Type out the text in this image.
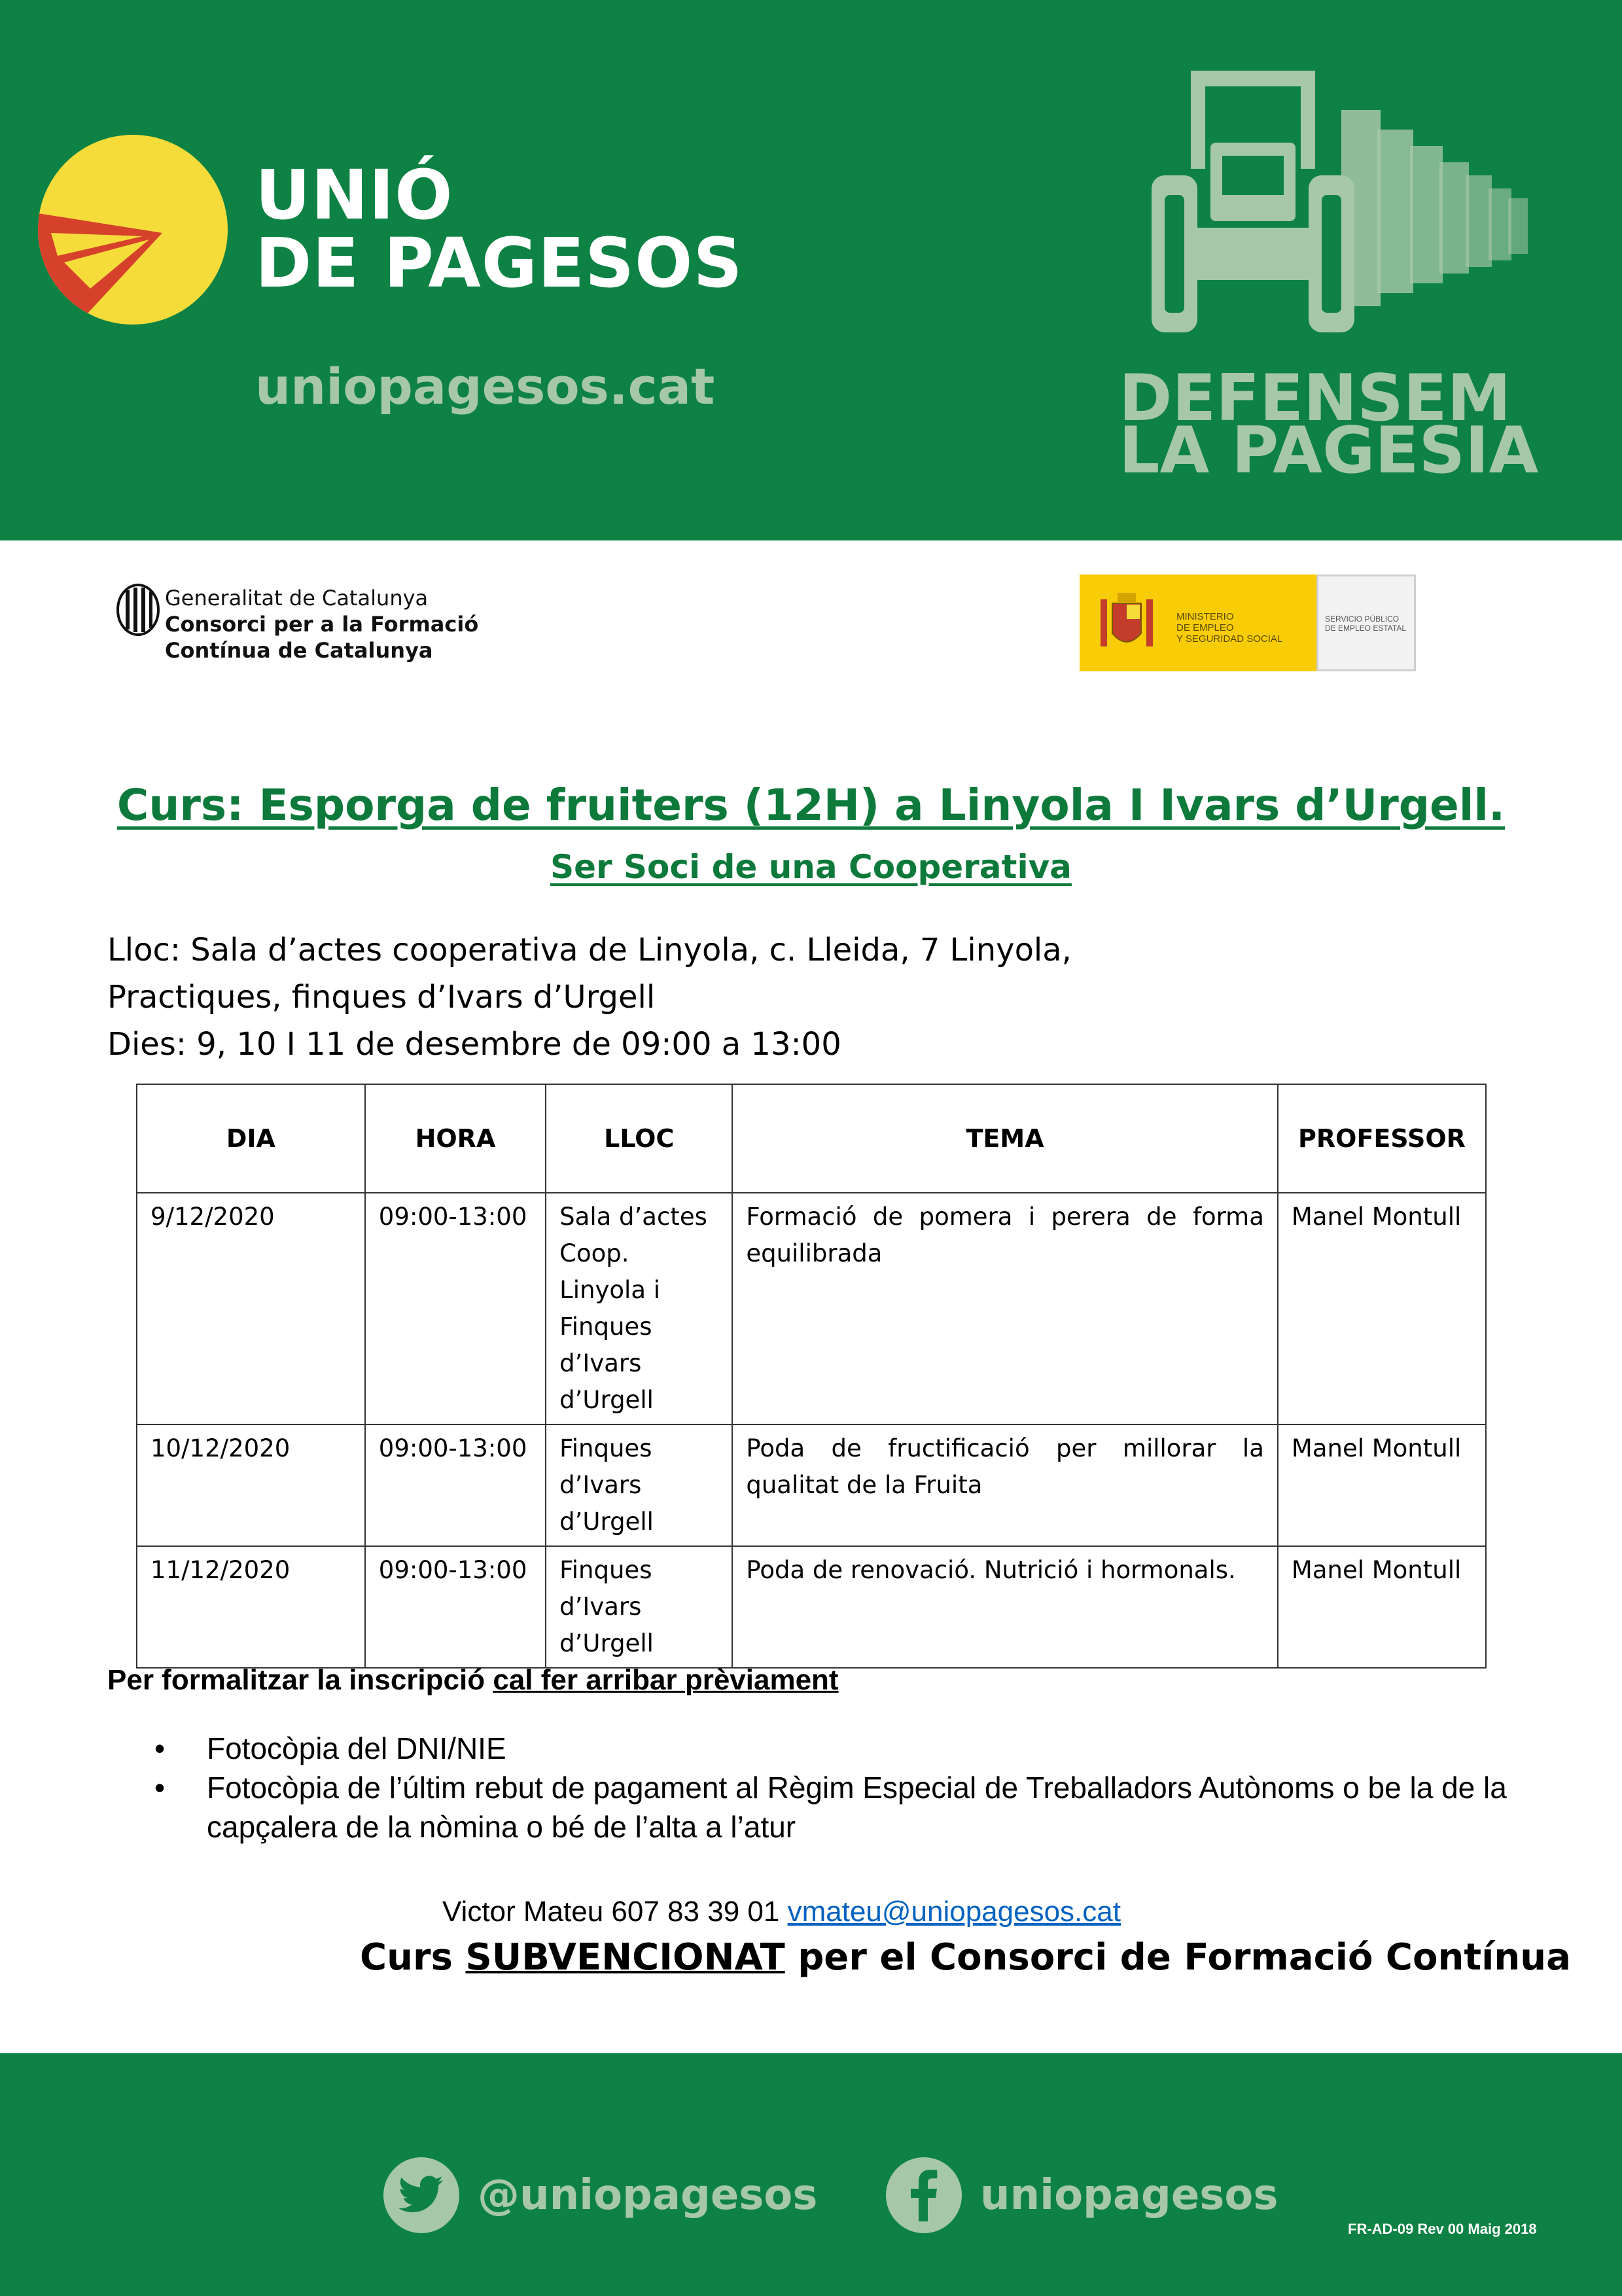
UNIÓ
DE PAGESOS
uniopagesos.cat	DEFENSEM
LA PAGESIA
Generalitat de Catalunya
Consorci per a la Formació
Contínua de Catalunya
MINISTERIO
DE EMPLEO
Y SEGURIDAD SOCIAL
SERVICIO PÚBLICO
DE EMPLEO ESTATAL
Curs: Esporga de fruiters (12H) a Linyola I Ivars d’Urgell.
Ser Soci de una Cooperativa
Lloc: Sala d’actes cooperativa de Linyola, c. Lleida, 7 Linyola,
Practiques, finques d’Ivars d’Urgell
Dies: 9, 10 I 11 de desembre de 09:00 a 13:00
DIA	HORA	LLOC	TEMA	PROFESSOR
9/12/2020	09:00-13:00	Sala d’actes Coop. Linyola i Finques d’Ivars d’Urgell	Formació de pomera i perera de forma equilibrada	Manel Montull
10/12/2020	09:00-13:00	Finques d’Ivars d’Urgell	Poda de fructificació per millorar la qualitat de la Fruita	Manel Montull
11/12/2020	09:00-13:00	Finques d’Ivars d’Urgell	Poda de renovació. Nutrició i hormonals.	Manel Montull
Per formalitzar la inscripció cal fer arribar prèviament
• Fotocòpia del DNI/NIE
• Fotocòpia de l’últim rebut de pagament al Règim Especial de Treballadors Autònoms o be la de la capçalera de la nòmina o bé de l’alta a l’atur
Victor Mateu 607 83 39 01 vmateu@uniopagesos.cat
Curs SUBVENCIONAT per el Consorci de Formació Contínua
@uniopagesos	uniopagesos
FR-AD-09 Rev 00 Maig 2018
